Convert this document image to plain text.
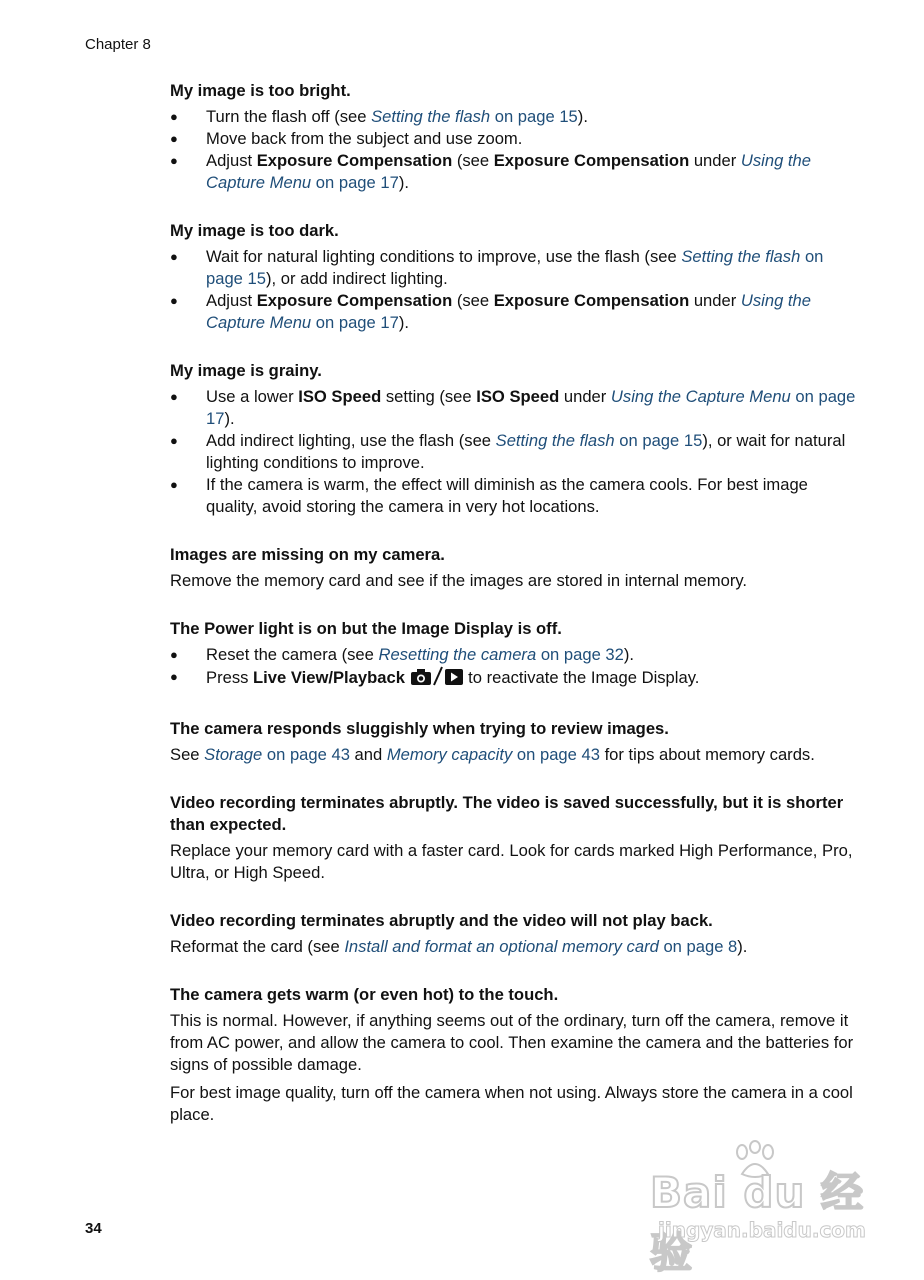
Chapter 8
My image is too bright.
● Turn the flash off (see Setting the flash on page 15).
● Move back from the subject and use zoom.
● Adjust Exposure Compensation (see Exposure Compensation under Using the Capture Menu on page 17).
My image is too dark.
● Wait for natural lighting conditions to improve, use the flash (see Setting the flash on page 15), or add indirect lighting.
● Adjust Exposure Compensation (see Exposure Compensation under Using the Capture Menu on page 17).
My image is grainy.
● Use a lower ISO Speed setting (see ISO Speed under Using the Capture Menu on page 17).
● Add indirect lighting, use the flash (see Setting the flash on page 15), or wait for natural lighting conditions to improve.
● If the camera is warm, the effect will diminish as the camera cools. For best image quality, avoid storing the camera in very hot locations.
Images are missing on my camera.

Remove the memory card and see if the images are stored in internal memory.

The Power light is on but the Image Display is off.
● Reset the camera (see Resetting the camera on page 32).
● Press Live View/Playback	to reactivate the Image Display.
The camera responds sluggishly when trying to review images.

See Storage on page 43 and Memory capacity on page 43 for tips about memory cards.

Video recording terminates abruptly. The video is saved successfully, but it is shorter than expected.

Replace your memory card with a faster card. Look for cards marked High Performance, Pro, Ultra, or High Speed.

Video recording terminates abruptly and the video will not play back.

Reformat the card (see Install and format an optional memory card on page 8).

The camera gets warm (or even hot) to the touch.

This is normal. However, if anything seems out of the ordinary, turn off the camera, remove it from AC power, and allow the camera to cool. Then examine the camera and the batteries for signs of possible damage.

For best image quality, turn off the camera when not using. Always store the camera in a cool place.

Bai du 经验
jingyan.baidu.com
34
